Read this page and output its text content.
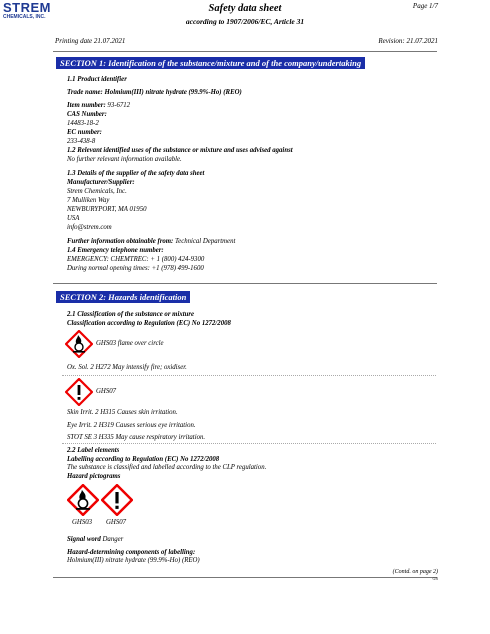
STREM
CHEMICALS, INC.
Safety data sheet
according to 1907/2006/EC, Article 31
Page 1/7
Printing date 21.07.2021	Revision: 21.07.2021
SECTION 1: Identification of the substance/mixture and of the company/undertaking
1.1 Product identifier
Trade name: Holmium(III) nitrate hydrate (99.9%-Ho) (REO)
Item number: 93-6712
CAS Number:
14483-18-2
EC number:
233-438-8
1.2 Relevant identified uses of the substance or mixture and uses advised against
No further relevant information available.
1.3 Details of the supplier of the safety data sheet
Manufacturer/Supplier:
Strem Chemicals, Inc.
7 Mulliken Way
NEWBURYPORT, MA 01950
USA
info@strem.com
Further information obtainable from: Technical Department
1.4 Emergency telephone number:
EMERGENCY: CHEMTREC: + 1 (800) 424-9300
During normal opening times: +1 (978) 499-1600
SECTION 2: Hazards identification
2.1 Classification of the substance or mixture
Classification according to Regulation (EC) No 1272/2008
GHS03 flame over circle
Ox. Sol. 2 H272 May intensify fire; oxidiser.
GHS07
Skin Irrit. 2 H315 Causes skin irritation.
Eye Irrit. 2 H319 Causes serious eye irritation.
STOT SE 3 H335 May cause respiratory irritation.
2.2 Label elements
Labelling according to Regulation (EC) No 1272/2008
The substance is classified and labelled according to the CLP regulation.
Hazard pictograms
GHS03 GHS07
Signal word Danger
Hazard-determining components of labelling:
Holmium(III) nitrate hydrate (99.9%-Ho) (REO)
(Contd. on page 2)
GB
